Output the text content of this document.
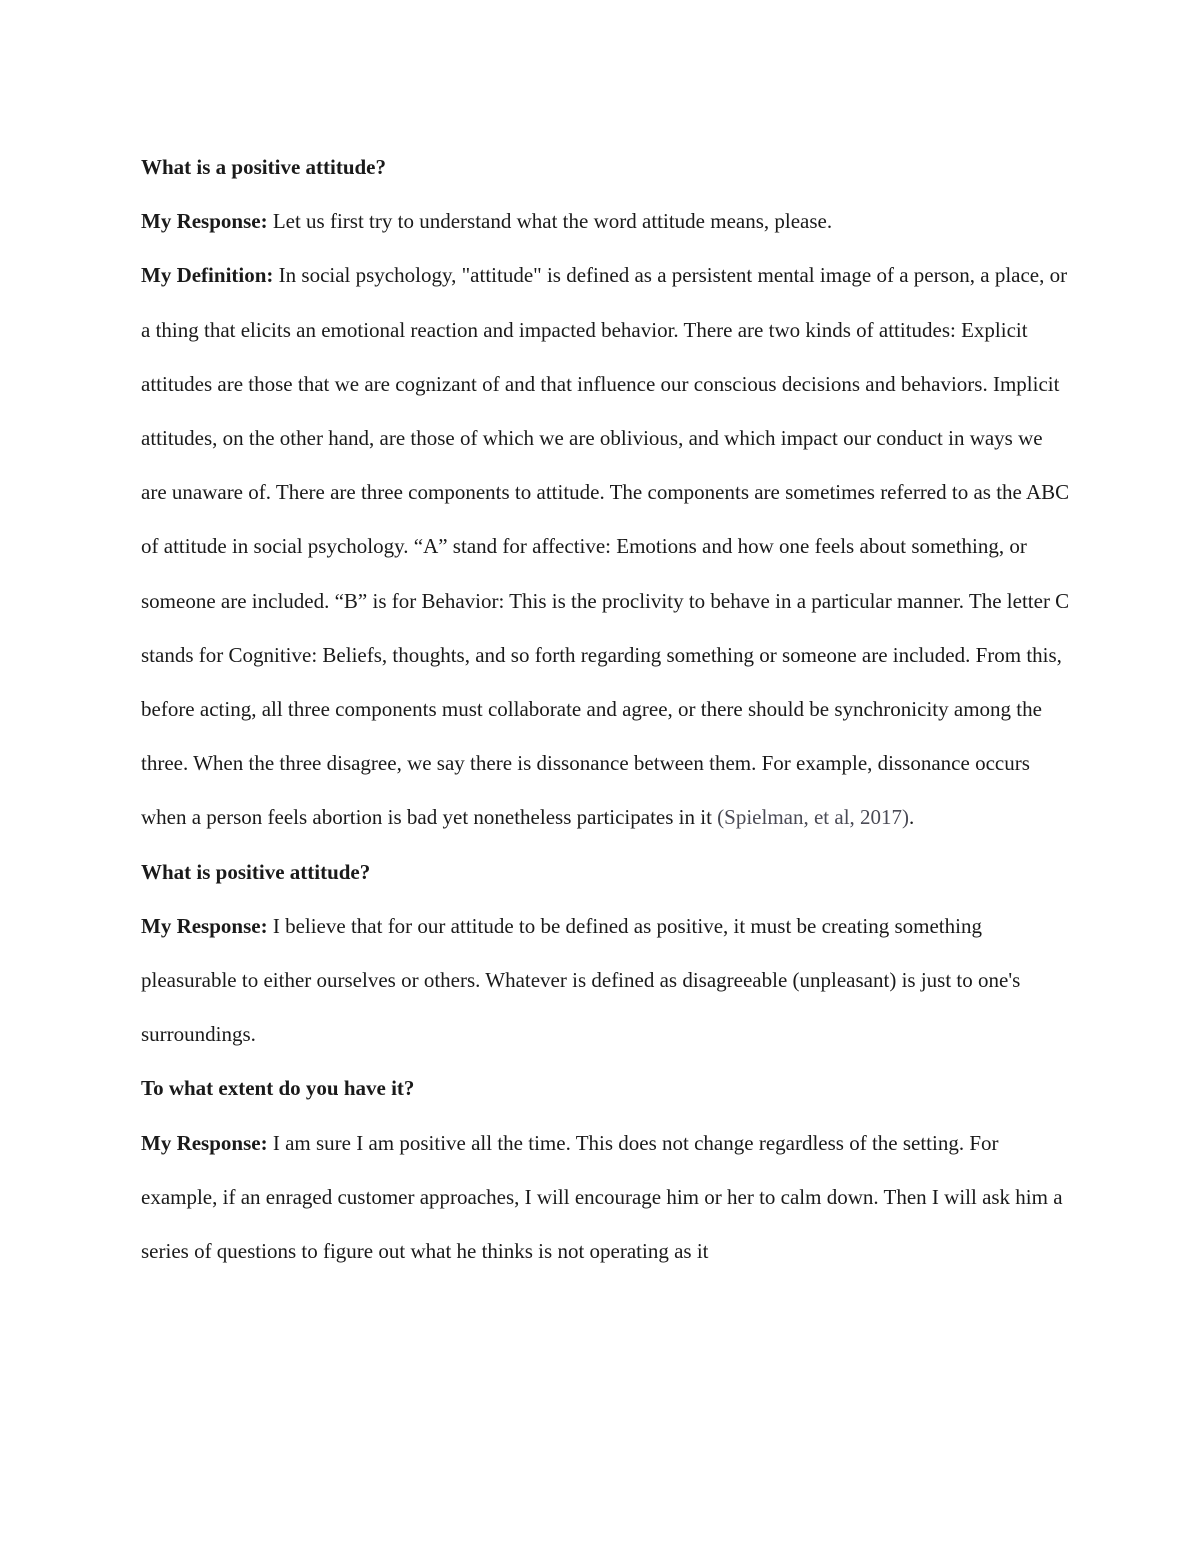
What is a positive attitude?

My Response: Let us first try to understand what the word attitude means, please.

My Definition: In social psychology, "attitude" is defined as a persistent mental image of a person, a place, or a thing that elicits an emotional reaction and impacted behavior. There are two kinds of attitudes: Explicit attitudes are those that we are cognizant of and that influence our conscious decisions and behaviors. Implicit attitudes, on the other hand, are those of which we are oblivious, and which impact our conduct in ways we are unaware of. There are three components to attitude. The components are sometimes referred to as the ABC of attitude in social psychology. “A” stand for affective: Emotions and how one feels about something, or someone are included. “B” is for Behavior: This is the proclivity to behave in a particular manner. The letter C stands for Cognitive: Beliefs, thoughts, and so forth regarding something or someone are included. From this, before acting, all three components must collaborate and agree, or there should be synchronicity among the three. When the three disagree, we say there is dissonance between them. For example, dissonance occurs when a person feels abortion is bad yet nonetheless participates in it (Spielman, et al, 2017).

What is positive attitude?

My Response: I believe that for our attitude to be defined as positive, it must be creating something pleasurable to either ourselves or others. Whatever is defined as disagreeable (unpleasant) is just to one's surroundings.

To what extent do you have it?

My Response: I am sure I am positive all the time. This does not change regardless of the setting. For example, if an enraged customer approaches, I will encourage him or her to calm down. Then I will ask him a series of questions to figure out what he thinks is not operating as it
